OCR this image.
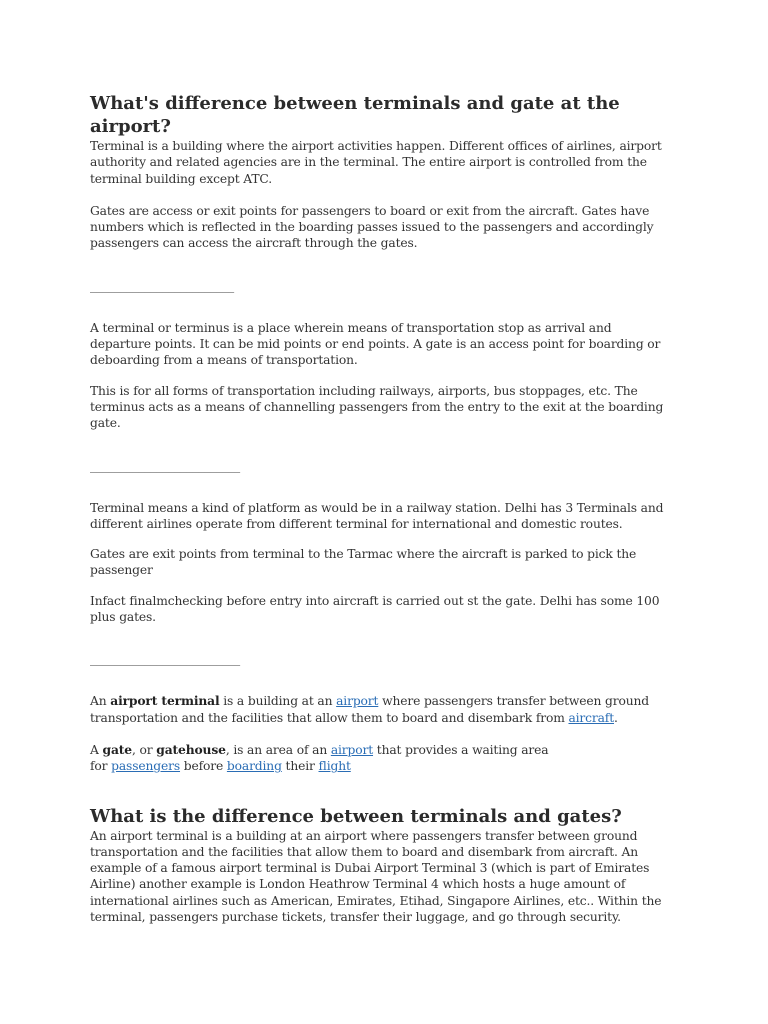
What's difference between terminals and gate at the airport?

Terminal is a building where the airport activities happen. Different offices of airlines, airport authority and related agencies are in the terminal. The entire airport is controlled from the terminal building except ATC.

Gates are access or exit points for passengers to board or exit from the aircraft. Gates have numbers which is reflected in the boarding passes issued to the passengers and accordingly passengers can access the aircraft through the gates.

________________________

A terminal or terminus is a place wherein means of transportation stop as arrival and departure points. It can be mid points or end points. A gate is an access point for boarding or deboarding from a means of transportation.

This is for all forms of transportation including railways, airports, bus stoppages, etc. The terminus acts as a means of channelling passengers from the entry to the exit at the boarding gate.

_________________________

Terminal means a kind of platform as would be in a railway station. Delhi has 3 Terminals and different airlines operate from different terminal for international and domestic routes.

Gates are exit points from terminal to the Tarmac where the aircraft is parked to pick the passenger

Infact finalmchecking before entry into aircraft is carried out st the gate. Delhi has some 100 plus gates.

_________________________

An airport terminal is a building at an airport where passengers transfer between ground transportation and the facilities that allow them to board and disembark from aircraft.

A gate, or gatehouse, is an area of an airport that provides a waiting area for passengers before boarding their flight

What is the difference between terminals and gates?

An airport terminal is a building at an airport where passengers transfer between ground transportation and the facilities that allow them to board and disembark from aircraft. An example of a famous airport terminal is Dubai Airport Terminal 3 (which is part of Emirates Airline) another example is London Heathrow Terminal 4 which hosts a huge amount of international airlines such as American, Emirates, Etihad, Singapore Airlines, etc.. Within the terminal, passengers purchase tickets, transfer their luggage, and go through security.
